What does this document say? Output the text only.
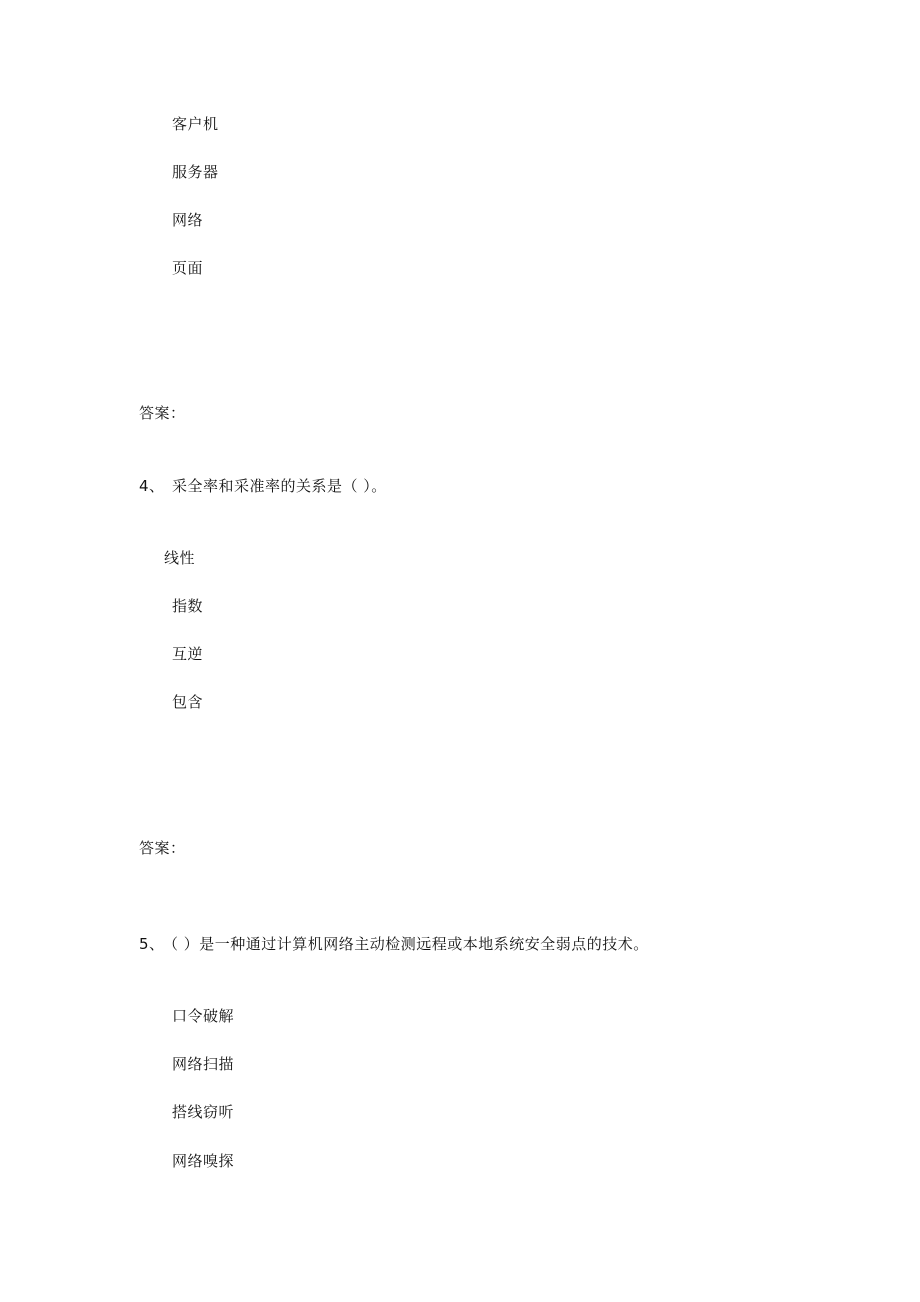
客户机
服务器
网络
页面
答案：
4、 采全率和采准率的关系是（ ）。
线性
指数
互逆
包含
答案：
5、（ ）是一种通过计算机网络主动检测远程或本地系统安全弱点的技术。
口令破解
网络扫描
搭线窃听
网络嗅探
